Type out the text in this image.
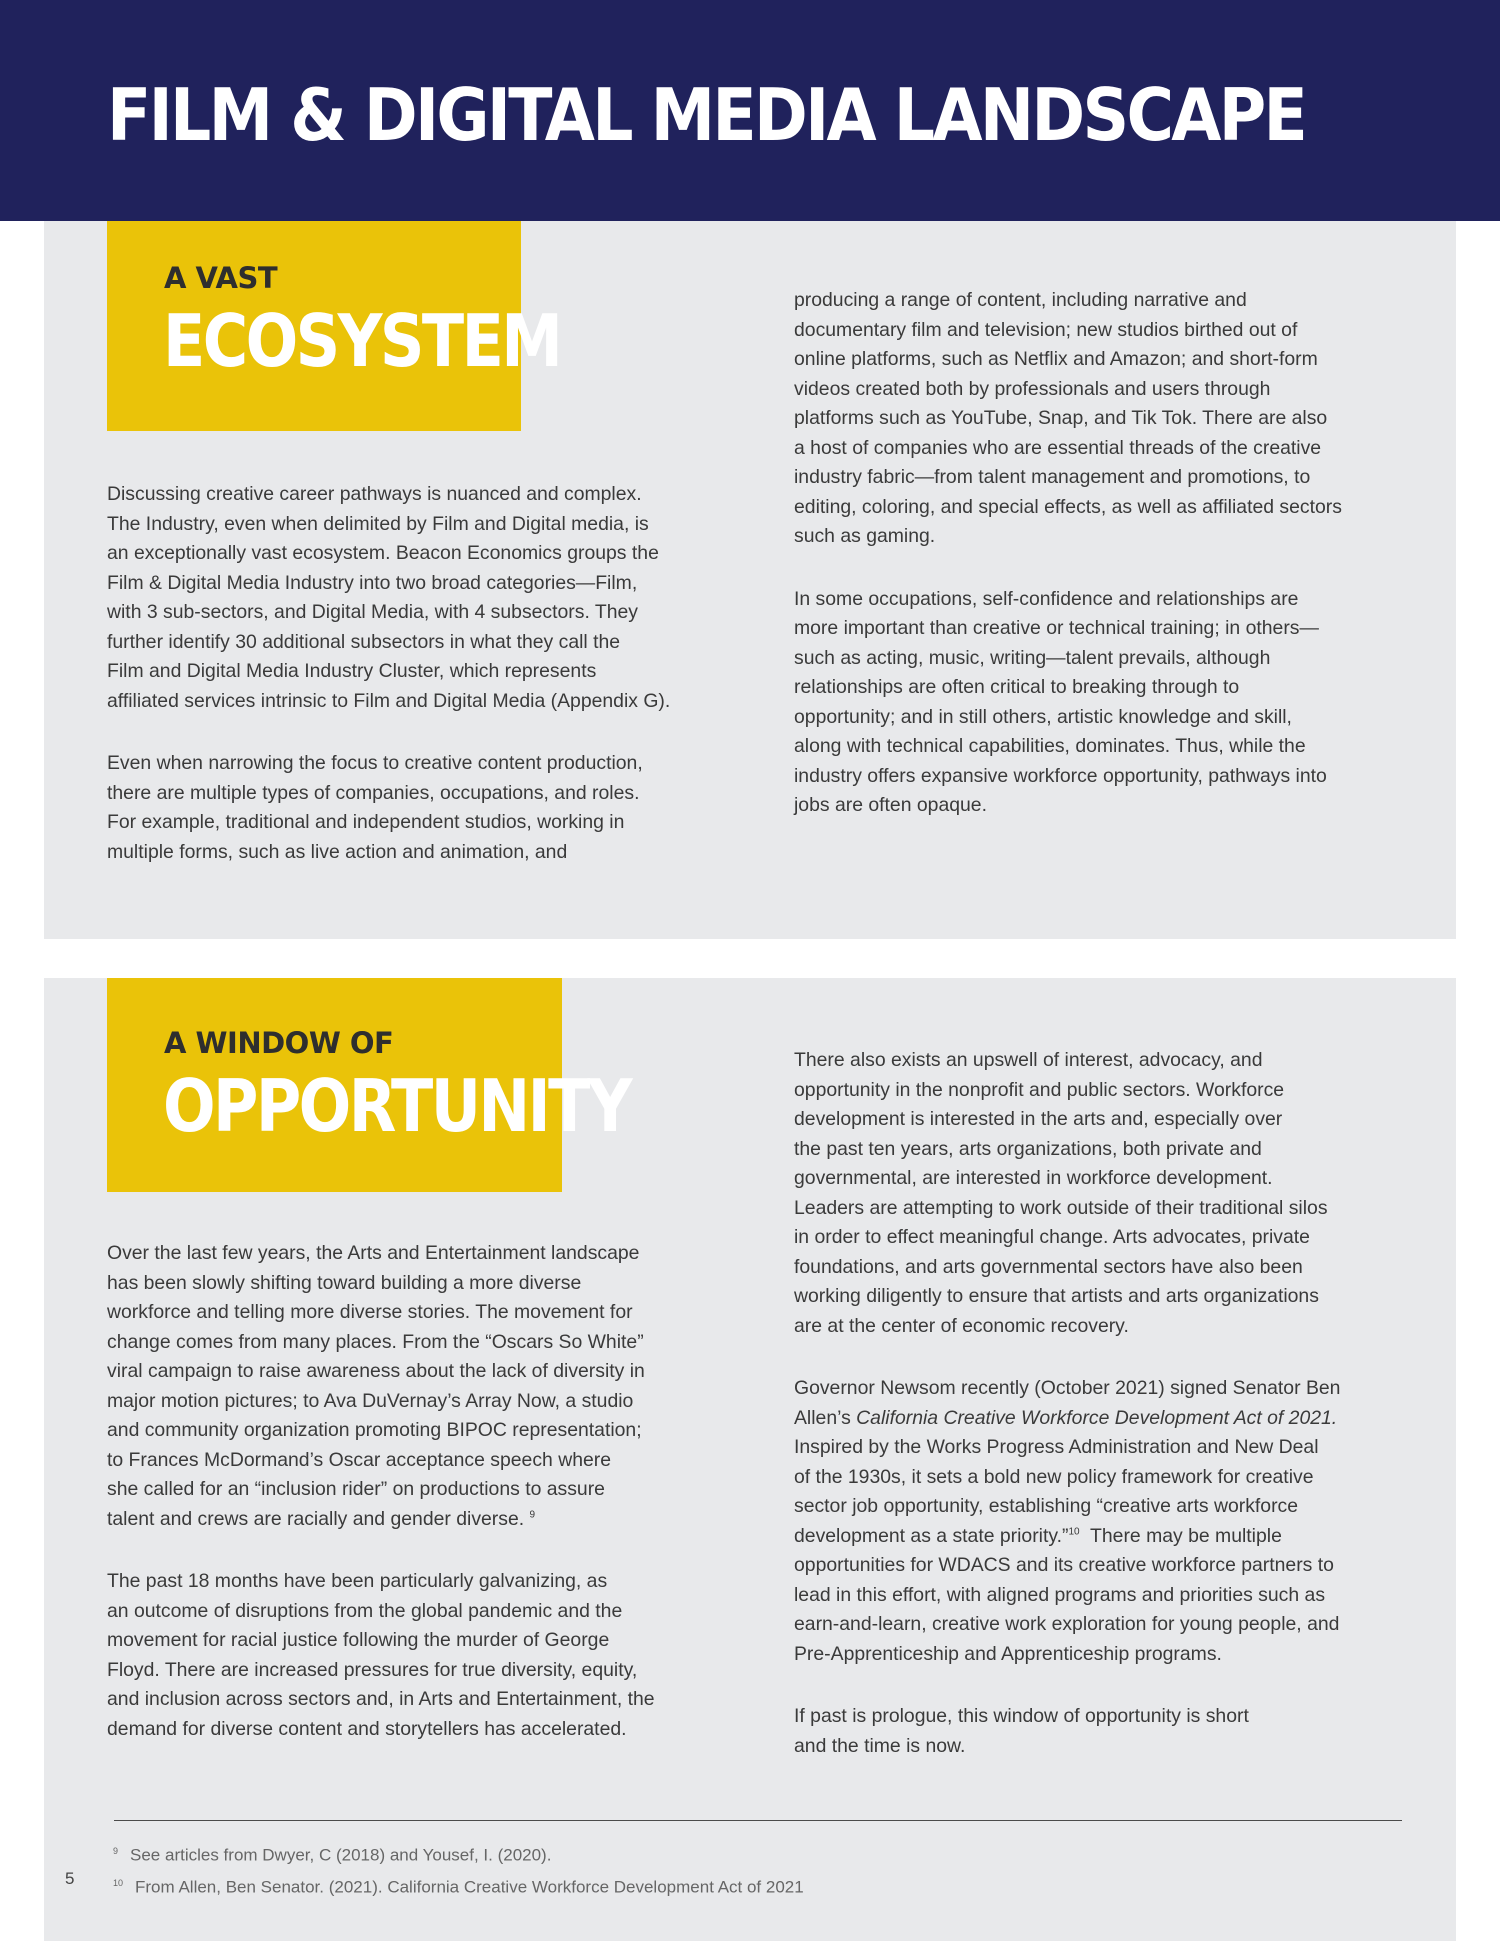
FILM & DIGITAL MEDIA LANDSCAPE
A VAST
ECOSYSTEM

Discussing creative career pathways is nuanced and complex.
The Industry, even when delimited by Film and Digital media, is
an exceptionally vast ecosystem. Beacon Economics groups the
Film & Digital Media Industry into two broad categories—Film,
with 3 sub-sectors, and Digital Media, with 4 subsectors. They
further identify 30 additional subsectors in what they call the
Film and Digital Media Industry Cluster, which represents
affiliated services intrinsic to Film and Digital Media (Appendix G).

Even when narrowing the focus to creative content production,
there are multiple types of companies, occupations, and roles.
For example, traditional and independent studios, working in
multiple forms, such as live action and animation, and

producing a range of content, including narrative and
documentary film and television; new studios birthed out of
online platforms, such as Netflix and Amazon; and short-form
videos created both by professionals and users through
platforms such as YouTube, Snap, and Tik Tok. There are also
a host of companies who are essential threads of the creative
industry fabric—from talent management and promotions, to
editing, coloring, and special effects, as well as affiliated sectors
such as gaming.

In some occupations, self-confidence and relationships are
more important than creative or technical training; in others—
such as acting, music, writing—talent prevails, although
relationships are often critical to breaking through to
opportunity; and in still others, artistic knowledge and skill,
along with technical capabilities, dominates. Thus, while the
industry offers expansive workforce opportunity, pathways into
jobs are often opaque.

A WINDOW OF
OPPORTUNITY

Over the last few years, the Arts and Entertainment landscape
has been slowly shifting toward building a more diverse
workforce and telling more diverse stories. The movement for
change comes from many places. From the “Oscars So White”
viral campaign to raise awareness about the lack of diversity in
major motion pictures; to Ava DuVernay’s Array Now, a studio
and community organization promoting BIPOC representation;
to Frances McDormand’s Oscar acceptance speech where
she called for an “inclusion rider” on productions to assure
talent and crews are racially and gender diverse. $^9$

The past 18 months have been particularly galvanizing, as
an outcome of disruptions from the global pandemic and the
movement for racial justice following the murder of George
Floyd. There are increased pressures for true diversity, equity,
and inclusion across sectors and, in Arts and Entertainment, the
demand for diverse content and storytellers has accelerated.

There also exists an upswell of interest, advocacy, and
opportunity in the nonprofit and public sectors. Workforce
development is interested in the arts and, especially over
the past ten years, arts organizations, both private and
governmental, are interested in workforce development.
Leaders are attempting to work outside of their traditional silos
in order to effect meaningful change. Arts advocates, private
foundations, and arts governmental sectors have also been
working diligently to ensure that artists and arts organizations
are at the center of economic recovery.

Governor Newsom recently (October 2021) signed Senator Ben
Allen’s California Creative Workforce Development Act of 2021.
Inspired by the Works Progress Administration and New Deal
of the 1930s, it sets a bold new policy framework for creative
sector job opportunity, establishing “creative arts workforce
development as a state priority.”$^{10}$  There may be multiple
opportunities for WDACS and its creative workforce partners to
lead in this effort, with aligned programs and priorities such as
earn-and-learn, creative work exploration for young people, and
Pre-Apprenticeship and Apprenticeship programs.

If past is prologue, this window of opportunity is short
and the time is now.

$^9$ See articles from Dwyer, C (2018) and Yousef, I. (2020).
$^{10}$ From Allen, Ben Senator. (2021). California Creative Workforce Development Act of 2021
5
